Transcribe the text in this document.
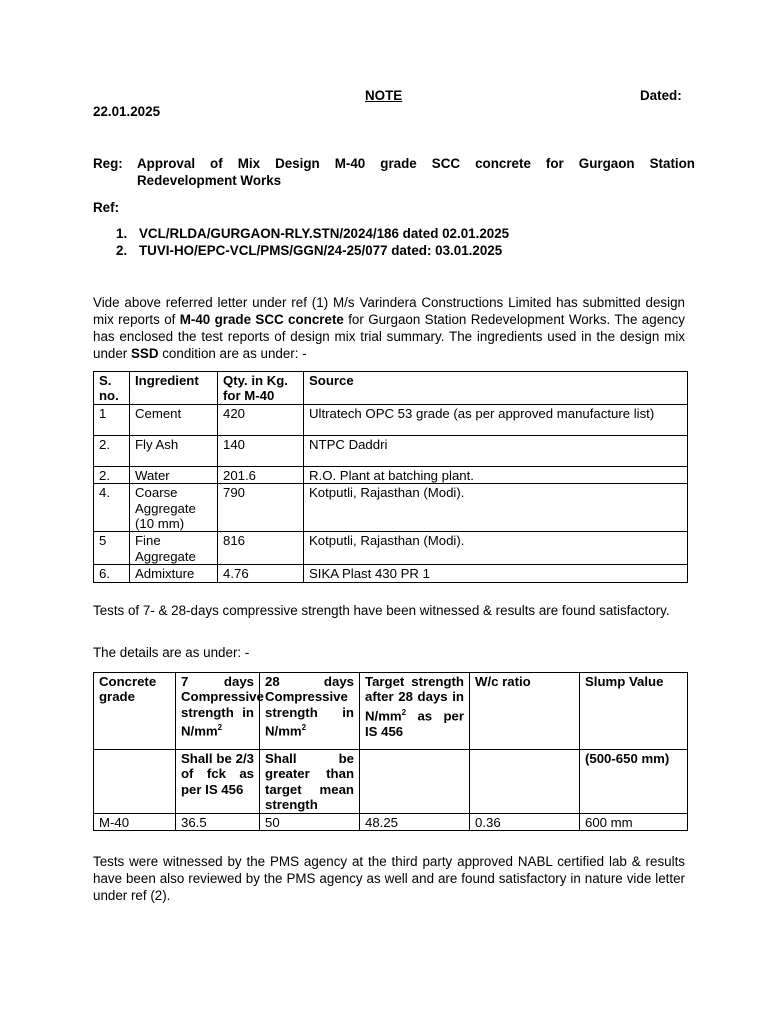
NOTE	Dated:
22.01.2025
Reg: Approval of Mix Design M-40 grade SCC concrete for Gurgaon Station
Redevelopment Works
Ref:
1. VCL/RLDA/GURGAON-RLY.STN/2024/186 dated 02.01.2025
2. TUVI-HO/EPC-VCL/PMS/GGN/24-25/077 dated: 03.01.2025
Vide above referred letter under ref (1) M/s Varindera Constructions Limited has submitted design mix reports of M-40 grade SCC concrete for Gurgaon Station Redevelopment Works. The agency has enclosed the test reports of design mix trial summary. The ingredients used in the design mix under SSD condition are as under: -
S. no.	Ingredient	Qty. in Kg. for M-40	Source
1	Cement	420	Ultratech OPC 53 grade (as per approved manufacture list)
2.	Fly Ash	140	NTPC Daddri
2.	Water	201.6	R.O. Plant at batching plant.
4.	Coarse Aggregate (10 mm)	790	Kotputli, Rajasthan (Modi).
5	Fine Aggregate	816	Kotputli, Rajasthan (Modi).
6.	Admixture	4.76	SIKA Plast 430 PR 1
Tests of 7- & 28-days compressive strength have been witnessed & results are found satisfactory.
The details are as under: -
Concrete grade	7 days Compressive strength in $N/mm^2$	28 days Compressive strength in $N/mm^2$	Target strength after 28 days in $N/mm^2$ as per IS 456	W/c ratio	Slump Value
	Shall be 2/3 of fck as per IS 456	Shall be greater than target mean strength			(500-650 mm)
M-40	36.5	50	48.25	0.36	600 mm
Tests were witnessed by the PMS agency at the third party approved NABL certified lab & results have been also reviewed by the PMS agency as well and are found satisfactory in nature vide letter under ref (2).
